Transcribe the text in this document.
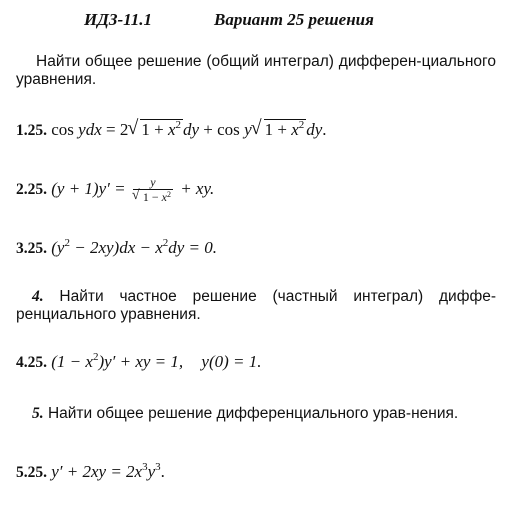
ИДЗ-11.1	Вариант 25 решения
Найти общее решение (общий интеграл) дифферен-циального уравнения.
1.25. cos ydx = 2 √ $1 + x^2$ dy + cos y √ $1 + x^2$ dy.
2.25. (y + 1)y′ = y
√ 1 − x$^2$ + xy.
3.25. $(y^2 - 2xy)dx - x^2dy = 0$.
4. Найти частное решение (частный интеграл) диффе-ренциального уравнения.
4.25. $(1 - x^2)y'$ + xy = 1, y(0) = 1.
5. Найти общее решение дифференциального урав-нения.
5.25. $y' + 2xy = 2x^3y^3$.
